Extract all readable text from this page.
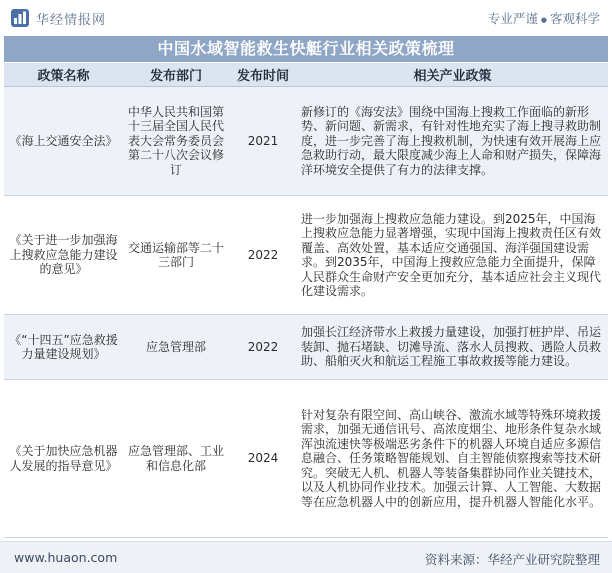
华经情报网	专业严谨 ● 客观科学
中国水域智能救生快艇行业相关政策梳理
政策名称	发布部门	发布时间	相关产业政策
《海上交通安全法》	中华人民共和国第十三届全国人民代表大会常务委员会第二十八次会议修订	2021	新修订的《海安法》围绕中国海上搜救工作面临的新形势、新问题、新需求，有针对性地充实了海上搜寻救助制度，进一步完善了海上搜救机制，为快速有效开展海上应急救助行动，最大限度减少海上人命和财产损失，保障海洋环境安全提供了有力的法律支撑。
《关于进一步加强海上搜救应急能力建设的意见》	交通运输部等二十三部门	2022	进一步加强海上搜救应急能力建设。到2025年，中国海上搜救应急能力显著增强，实现中国海上搜救责任区有效覆盖、高效处置，基本适应交通强国、海洋强国建设需求。到2035年，中国海上搜救应急能力全面提升，保障人民群众生命财产安全更加充分，基本适应社会主义现代化建设需求。
《“十四五”应急救援力量建设规划》	应急管理部	2022	加强长江经济带水上救援力量建设，加强打桩护岸、吊运装卸、抛石堵缺、切滩导流、落水人员搜救、遇险人员救助、船舶灭火和航运工程施工事故救援等能力建设。
《关于加快应急机器人发展的指导意见》	应急管理部、工业和信息化部	2024	针对复杂有限空间、高山峡谷、激流水域等特殊环境救援需求，加强无通信讯号、高浓度烟尘、地形条件复杂水域浑浊流速快等极端恶劣条件下的机器人环境自适应多源信息融合、任务策略智能规划、自主智能侦察搜索等技术研究。突破无人机、机器人等装备集群协同作业关键技术，以及人机协同作业技术。加强云计算、人工智能、大数据等在应急机器人中的创新应用，提升机器人智能化水平。
www.huaon.com	资料来源：华经产业研究院整理
